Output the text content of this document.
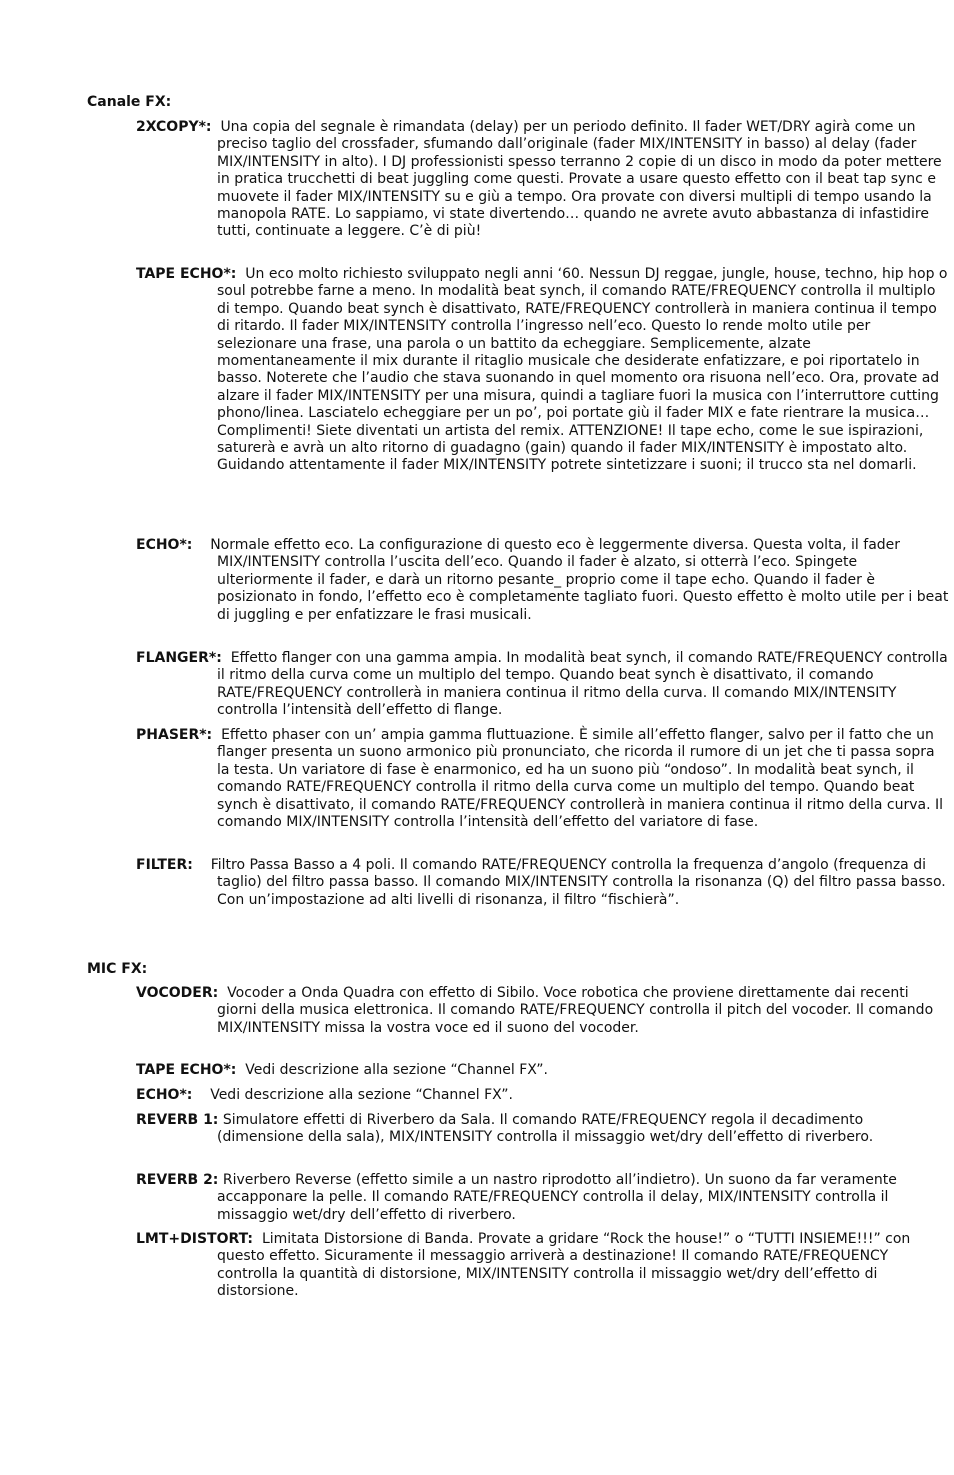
Canale FX:

2XCOPY*: Una copia del segnale è rimandata (delay) per un periodo definito. Il fader WET/DRY agirà come un preciso taglio del crossfader, sfumando dall’originale (fader MIX/INTENSITY in basso) al delay (fader MIX/INTENSITY in alto). I DJ professionisti spesso terranno 2 copie di un disco in modo da poter mettere in pratica trucchetti di beat juggling come questi. Provate a usare questo effetto con il beat tap sync e muovete il fader MIX/INTENSITY su e giù a tempo. Ora provate con diversi multipli di tempo usando la manopola RATE. Lo sappiamo, vi state divertendo… quando ne avrete avuto abbastanza di infastidire tutti, continuate a leggere. C’è di più!

TAPE ECHO*: Un eco molto richiesto sviluppato negli anni ‘60. Nessun DJ reggae, jungle, house, techno, hip hop o soul potrebbe farne a meno. In modalità beat synch, il comando RATE/FREQUENCY controlla il multiplo di tempo. Quando beat synch è disattivato, RATE/FREQUENCY controllerà in maniera continua il tempo di ritardo. Il fader MIX/INTENSITY controlla l’ingresso nell’eco. Questo lo rende molto utile per selezionare una frase, una parola o un battito da echeggiare. Semplicemente, alzate momentaneamente il mix durante il ritaglio musicale che desiderate enfatizzare, e poi riportatelo in basso. Noterete che l’audio che stava suonando in quel momento ora risuona nell’eco. Ora, provate ad alzare il fader MIX/INTENSITY per una misura, quindi a tagliare fuori la musica con l’interruttore cutting phono/linea. Lasciatelo echeggiare per un po’, poi portate giù il fader MIX e fate rientrare la musica… Complimenti! Siete diventati un artista del remix. ATTENZIONE! Il tape echo, come le sue ispirazioni, saturerà e avrà un alto ritorno di guadagno (gain) quando il fader MIX/INTENSITY è impostato alto. Guidando attentamente il fader MIX/INTENSITY potrete sintetizzare i suoni; il trucco sta nel domarli.

ECHO*: Normale effetto eco. La configurazione di questo eco è leggermente diversa. Questa volta, il fader MIX/INTENSITY controlla l’uscita dell’eco. Quando il fader è alzato, si otterrà l’eco. Spingete ulteriormente il fader, e darà un ritorno pesante_ proprio come il tape echo. Quando il fader è posizionato in fondo, l’effetto eco è completamente tagliato fuori. Questo effetto è molto utile per i beat di juggling e per enfatizzare le frasi musicali.

FLANGER*: Effetto flanger con una gamma ampia. In modalità beat synch, il comando RATE/FREQUENCY controlla il ritmo della curva come un multiplo del tempo. Quando beat synch è disattivato, il comando RATE/FREQUENCY controllerà in maniera continua il ritmo della curva. Il comando MIX/INTENSITY controlla l’intensità dell’effetto di flange.

PHASER*: Effetto phaser con un’ ampia gamma fluttuazione. È simile all’effetto flanger, salvo per il fatto che un flanger presenta un suono armonico più pronunciato, che ricorda il rumore di un jet che ti passa sopra la testa. Un variatore di fase è enarmonico, ed ha un suono più “ondoso”. In modalità beat synch, il comando RATE/FREQUENCY controlla il ritmo della curva come un multiplo del tempo. Quando beat synch è disattivato, il comando RATE/FREQUENCY controllerà in maniera continua il ritmo della curva. Il comando MIX/INTENSITY controlla l’intensità dell’effetto del variatore di fase.

FILTER: Filtro Passa Basso a 4 poli. Il comando RATE/FREQUENCY controlla la frequenza d’angolo (frequenza di taglio) del filtro passa basso. Il comando MIX/INTENSITY controlla la risonanza (Q) del filtro passa basso. Con un’impostazione ad alti livelli di risonanza, il filtro “fischierà”.

MIC FX:

VOCODER: Vocoder a Onda Quadra con effetto di Sibilo. Voce robotica che proviene direttamente dai recenti giorni della musica elettronica. Il comando RATE/FREQUENCY controlla il pitch del vocoder. Il comando MIX/INTENSITY missa la vostra voce ed il suono del vocoder.

TAPE ECHO*: Vedi descrizione alla sezione “Channel FX”.

ECHO*: Vedi descrizione alla sezione “Channel FX”.

REVERB 1: Simulatore effetti di Riverbero da Sala. Il comando RATE/FREQUENCY regola il decadimento (dimensione della sala), MIX/INTENSITY controlla il missaggio wet/dry dell’effetto di riverbero.

REVERB 2: Riverbero Reverse (effetto simile a un nastro riprodotto all’indietro). Un suono da far veramente accapponare la pelle. Il comando RATE/FREQUENCY controlla il delay, MIX/INTENSITY controlla il missaggio wet/dry dell’effetto di riverbero.

LMT+DISTORT: Limitata Distorsione di Banda. Provate a gridare “Rock the house!” o “TUTTI INSIEME!!!” con questo effetto. Sicuramente il messaggio arriverà a destinazione! Il comando RATE/FREQUENCY controlla la quantità di distorsione, MIX/INTENSITY controlla il missaggio wet/dry dell’effetto di distorsione.
